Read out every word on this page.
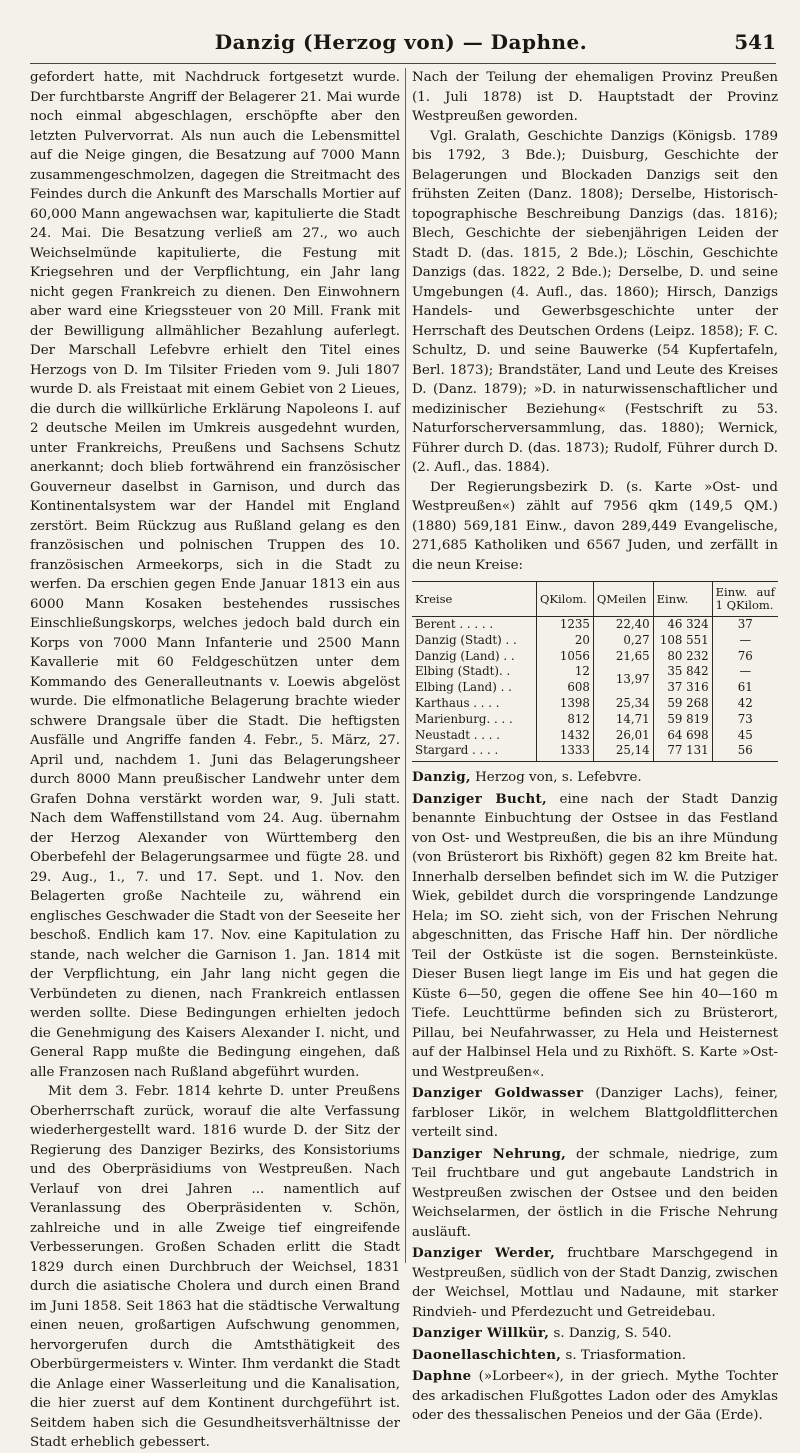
Danzig (Herzog von) — Daphne.	541

gefordert hatte, mit Nachdruck fortgesetzt wurde. Der furchtbarste Angriff der Belagerer 21. Mai wurde noch einmal abgeschlagen, erschöpfte aber den letzten Pulvervorrat. Als nun auch die Lebensmittel auf die Neige gingen, die Besatzung auf 7000 Mann zusammengeschmolzen, dagegen die Streitmacht des Feindes durch die Ankunft des Marschalls Mortier auf 60,000 Mann angewachsen war, kapitulierte die Stadt 24. Mai. Die Besatzung verließ am 27., wo auch Weichselmünde kapitulierte, die Festung mit Kriegsehren und der Verpflichtung, ein Jahr lang nicht gegen Frankreich zu dienen. Den Einwohnern aber ward eine Kriegssteuer von 20 Mill. Frank mit der Bewilligung allmählicher Bezahlung auferlegt. Der Marschall Lefebvre erhielt den Titel eines Herzogs von D. Im Tilsiter Frieden vom 9. Juli 1807 wurde D. als Freistaat mit einem Gebiet von 2 Lieues, die durch die willkürliche Erklärung Napoleons I. auf 2 deutsche Meilen im Umkreis ausgedehnt wurden, unter Frankreichs, Preußens und Sachsens Schutz anerkannt; doch blieb fortwährend ein französischer Gouverneur daselbst in Garnison, und durch das Kontinentalsystem war der Handel mit England zerstört. Beim Rückzug aus Rußland gelang es den französischen und polnischen Truppen des 10. französischen Armeekorps, sich in die Stadt zu werfen. Da erschien gegen Ende Januar 1813 ein aus 6000 Mann Kosaken bestehendes russisches Einschließungskorps, welches jedoch bald durch ein Korps von 7000 Mann Infanterie und 2500 Mann Kavallerie mit 60 Feldgeschützen unter dem Kommando des Generalleutnants v. Loewis abgelöst wurde. Die elfmonatliche Belagerung brachte wieder schwere Drangsale über die Stadt. Die heftigsten Ausfälle und Angriffe fanden 4. Febr., 5. März, 27. April und, nachdem 1. Juni das Belagerungsheer durch 8000 Mann preußischer Landwehr unter dem Grafen Dohna verstärkt worden war, 9. Juli statt. Nach dem Waffenstillstand vom 24. Aug. übernahm der Herzog Alexander von Württemberg den Oberbefehl der Belagerungsarmee und fügte 28. und 29. Aug., 1., 7. und 17. Sept. und 1. Nov. den Belagerten große Nachteile zu, während ein englisches Geschwader die Stadt von der Seeseite her beschoß. Endlich kam 17. Nov. eine Kapitulation zu stande, nach welcher die Garnison 1. Jan. 1814 mit der Verpflichtung, ein Jahr lang nicht gegen die Verbündeten zu dienen, nach Frankreich entlassen werden sollte. Diese Bedingungen erhielten jedoch die Genehmigung des Kaisers Alexander I. nicht, und General Rapp mußte die Bedingung eingehen, daß alle Franzosen nach Rußland abgeführt wurden.

Mit dem 3. Febr. 1814 kehrte D. unter Preußens Oberherrschaft zurück, worauf die alte Verfassung wiederhergestellt ward. 1816 wurde D. der Sitz der Regierung des Danziger Bezirks, des Konsistoriums und des Oberpräsidiums von Westpreußen. Nach Verlauf von drei Jahren ... namentlich auf Veranlassung des Oberpräsidenten v. Schön, zahlreiche und in alle Zweige tief eingreifende Verbesserungen. Großen Schaden erlitt die Stadt 1829 durch einen Durchbruch der Weichsel, 1831 durch die asiatische Cholera und durch einen Brand im Juni 1858. Seit 1863 hat die städtische Verwaltung einen neuen, großartigen Aufschwung genommen, hervorgerufen durch die Amtsthätigkeit des Oberbürgermeisters v. Winter. Ihm verdankt die Stadt die Anlage einer Wasserleitung und die Kanalisation, die hier zuerst auf dem Kontinent durchgeführt ist. Seitdem haben sich die Gesundheitsverhältnisse der Stadt erheblich gebessert.

Nach der Teilung der ehemaligen Provinz Preußen (1. Juli 1878) ist D. Hauptstadt der Provinz Westpreußen geworden.

Vgl. Gralath, Geschichte Danzigs (Königsb. 1789 bis 1792, 3 Bde.); Duisburg, Geschichte der Belagerungen und Blockaden Danzigs seit den frühsten Zeiten (Danz. 1808); Derselbe, Historisch-topographische Beschreibung Danzigs (das. 1816); Blech, Geschichte der siebenjährigen Leiden der Stadt D. (das. 1815, 2 Bde.); Löschin, Geschichte Danzigs (das. 1822, 2 Bde.); Derselbe, D. und seine Umgebungen (4. Aufl., das. 1860); Hirsch, Danzigs Handels- und Gewerbsgeschichte unter der Herrschaft des Deutschen Ordens (Leipz. 1858); F. C. Schultz, D. und seine Bauwerke (54 Kupfertafeln, Berl. 1873); Brandstäter, Land und Leute des Kreises D. (Danz. 1879); »D. in naturwissenschaftlicher und medizinischer Beziehung« (Festschrift zu 53. Naturforscherversammlung, das. 1880); Wernick, Führer durch D. (das. 1873); Rudolf, Führer durch D. (2. Aufl., das. 1884).

Der Regierungsbezirk D. (s. Karte »Ost- und Westpreußen«) zählt auf 7956 qkm (149,5 QM.) (1880) 569,181 Einw., davon 289,449 Evangelische, 271,685 Katholiken und 6567 Juden, und zerfällt in die neun Kreise:

Kreise	QKilom.	QMeilen	Einw.	Einw. auf 1 QKilom.
Berent . . . . .	1235	22,40	46 324	37
Danzig (Stadt) . .	20	0,27	108 551	—
Danzig (Land) . .	1056	21,65	80 232	76
Elbing (Stadt). .	12	13,97	35 842	—
Elbing (Land) . .	608		37 316	61
Karthaus . . . .	1398	25,34	59 268	42
Marienburg. . . .	812	14,71	59 819	73
Neustadt . . . .	1432	26,01	64 698	45
Stargard . . . .	1333	25,14	77 131	56

Danzig, Herzog von, s. Lefebvre.

Danziger Bucht, eine nach der Stadt Danzig benannte Einbuchtung der Ostsee in das Festland von Ost- und Westpreußen, die bis an ihre Mündung (von Brüsterort bis Rixhöft) gegen 82 km Breite hat. Innerhalb derselben befindet sich im W. die Putziger Wiek, gebildet durch die vorspringende Landzunge Hela; im SO. zieht sich, von der Frischen Nehrung abgeschnitten, das Frische Haff hin. Der nördliche Teil der Ostküste ist die sogen. Bernsteinküste. Dieser Busen liegt lange im Eis und hat gegen die Küste 6—50, gegen die offene See hin 40—160 m Tiefe. Leuchttürme befinden sich zu Brüsterort, Pillau, bei Neufahrwasser, zu Hela und Heisternest auf der Halbinsel Hela und zu Rixhöft. S. Karte »Ost- und Westpreußen«.

Danziger Goldwasser (Danziger Lachs), feiner, farbloser Likör, in welchem Blattgoldflitterchen verteilt sind.

Danziger Nehrung, der schmale, niedrige, zum Teil fruchtbare und gut angebaute Landstrich in Westpreußen zwischen der Ostsee und den beiden Weichselarmen, der östlich in die Frische Nehrung ausläuft.

Danziger Werder, fruchtbare Marschgegend in Westpreußen, südlich von der Stadt Danzig, zwischen der Weichsel, Mottlau und Nadaune, mit starker Rindvieh- und Pferdezucht und Getreidebau.

Danziger Willkür, s. Danzig, S. 540.

Daonellaschichten, s. Triasformation.

Daphne (»Lorbeer«), in der griech. Mythe Tochter des arkadischen Flußgottes Ladon oder des Amyklas oder des thessalischen Peneios und der Gäa (Erde).
